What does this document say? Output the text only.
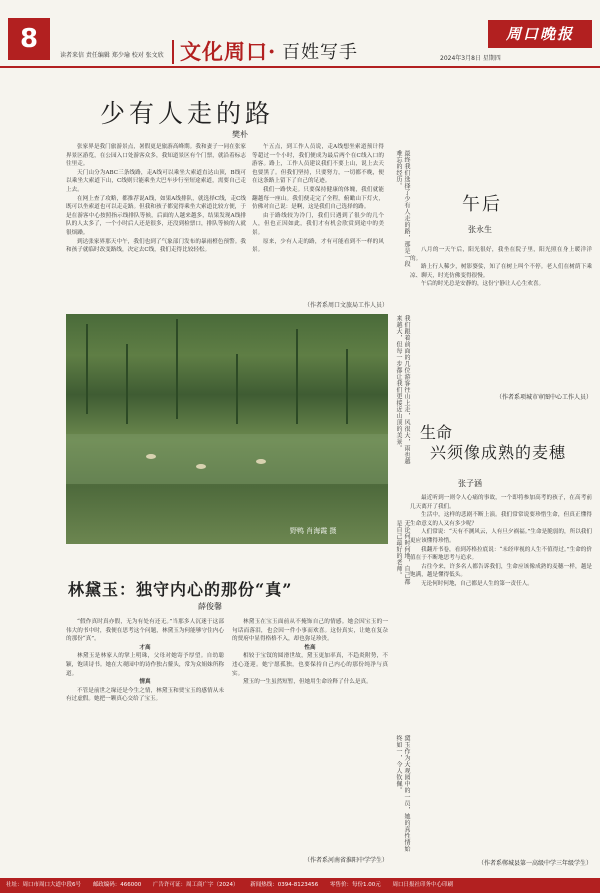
8
读者来信 责任编辑 郑少瑜 校对 张文欣 文化周口· 百姓写手
周口晚报
2024年3月8日 星期四
少有人走的路
樊朴

张家界是我门旅游景点，暑假更是旅游高峰期。我和妻子一同在张家界景区游览，在公园入口处游客众多，我知道景区有个门票，就沿着标志往里走。

天门山分为ABC三条线路，走A线可以乘坐大索道直达山顶，B线可以乘坐大索道下山，C线则只能乘坐大巴车步行至短途索道，需要自己走上去。

在网上查了攻略，都推荐说A线，如果A线排队，就选择C线，走C线既可以坐索道也可以走走路。但我和孩子都觉得乘坐大索道比较方便，于是在游客中心按照指示线排队等候，后面的人越来越多，结果发现A线排队的人太多了，一个小时后人还是很多，还没到检票口，排队等候的人就很烦躁。

到达张家界那天中午，我们也到了气象部门发布的暴雨橙色预警。我和孩子就临时改变路线，决定去C线，我们走得比较轻松。

午五点，到工作人员说，走A线想坐索道预计得等超过一个小时，我们便成为最后两个在C线入口的游客。路上，工作人员建议我们不要上山，说上去天也要黑了。但我们坚持，只要努力，一切都不晚，便在这条路上留下了自己的足迹。

我们一路快走。只要保持健康的体魄，我们就能翻越每一座山。我们便走完了全程，俯瞰山下灯火，仿佛对自己说：是啊，这是我们自己选择的路。

由于路线较为冷门，我们只遇到了很少的几个人，但也正因如此，我们才有机会欣赏到途中的美景。

原来，少有人走的路，才有可能看到不一样的风景。

（作者系周口文旅局工作人员）
最终我们选择了少有人走的路，那是一段难忘的经历。
我们跟着前面的几位游客往山上走，风很大，雨也越来越大，但每一步都让我们更接近山顶的美景。
无论何时何地，自己都是自己最好的老师。
黛玉作为大观园中的一员，她的真性情始终如一，令人钦佩。
野鸭 肖海霞 摄
林黛玉：独守内心的那份“真”
薛俊馨

“假作真时真亦假，无为有处有还无。”当那多人沉迷于这部伟大的书中时，我便在思考这个问题，林黛玉为何能够守住内心的那份“真”。

才高

林黛玉是林家人的掌上明珠，父母对她寄予厚望。自幼聪颖，饱读诗书。她在大观园中的诗作独占鳌头，常为众姐妹所称道。

情真

不管是前世之缘还是今生之情，林黛玉和贾宝玉的感情从未有过虚假。她把一颗真心交给了宝玉。

林黛玉在宝玉面前从不掩饰自己的情感。她会因宝玉的一句话而落泪，也会因一件小事而欢喜。这份真实，让她在复杂的贾府中显得格格不入，却也弥足珍贵。

性高

相较于宝钗的圆滑世故，黛玉更加率真，不趋炎附势，不违心逢迎。她宁愿孤独，也要保持自己内心的那份纯净与真实。

黛玉的一生虽然短暂，但她用生命诠释了什么是真。

（作者系河南省淮阳中学学生）
午后
张永生

八月的一天午后，阳光很好，我坐在院子里，阳光照在身上暖洋洋的。

路上行人稀少，树影婆娑，知了在树上叫个不停。老人们在树荫下乘凉、聊天，时光仿佛变得很慢。

午后的时光总是安静的，这份宁静让人心生欢喜。

（作者系项城市审图中心工作人员）
生命
兴须像成熟的麦穗
张子涵

最近听到一则令人心痛的事故，一个即将参加高考的孩子，在高考前几天离开了我们。

生活中，这样的悲剧不断上演。我们常常说要珍惜生命，但真正懂得生命意义的人又有多少呢？

人们常说：“天有不测风云，人有旦夕祸福。”生命是脆弱的，所以我们更应该懂得珍惜。

我翻开书卷，看到苏格拉底说：“未经审视的人生不值得过。”生命的价值在于不断地思考与追求。

古往今来，许多名人都告诉我们，生命应该像成熟的麦穗一样，越是饱满，越是懂得低头。

无论何时何地，自己都是人生的第一责任人。

（作者系郸城县第一高级中学三年级学生）
社址：周口市周口大道中段6号 邮政编码：466000 广告许可证：周工商广字（2024） 新闻热线：0394-8123456 零售价：每份1.00元 周口日报社印务中心印刷
